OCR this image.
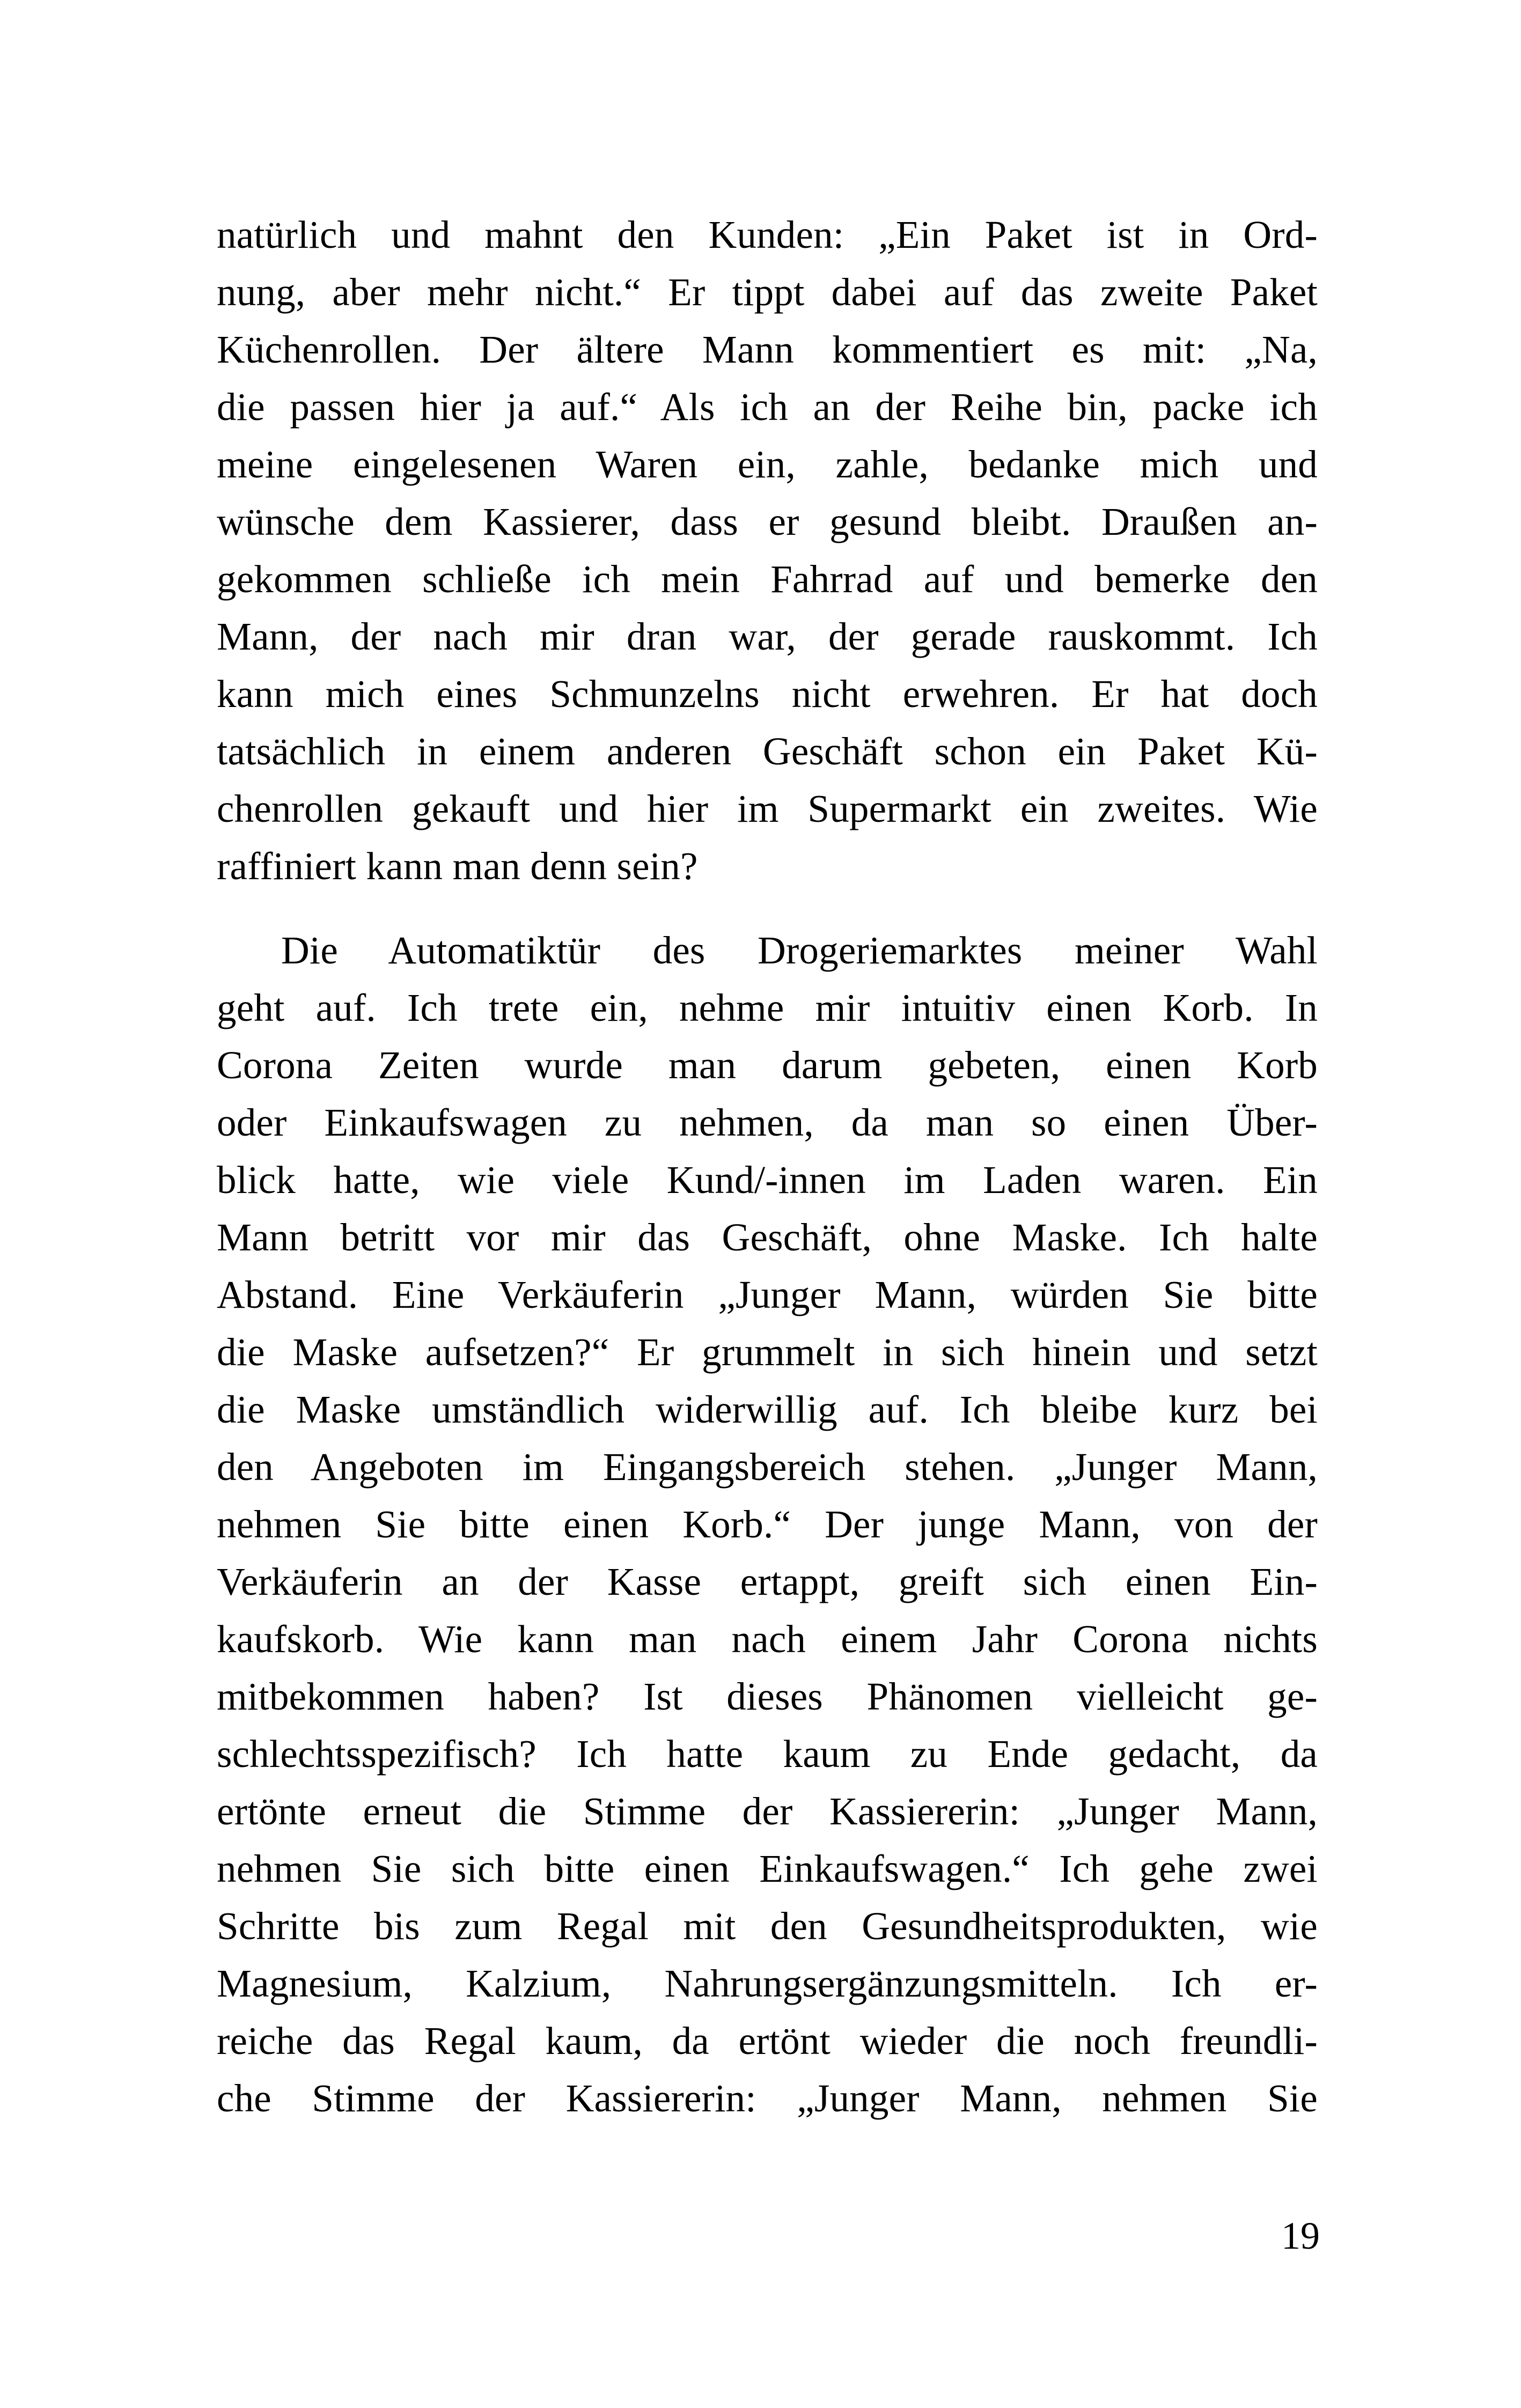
natürlich und mahnt den Kunden: „Ein Paket ist in Ord-
nung, aber mehr nicht.“ Er tippt dabei auf das zweite Paket
Küchenrollen. Der ältere Mann kommentiert es mit: „Na,
die passen hier ja auf.“ Als ich an der Reihe bin, packe ich
meine eingelesenen Waren ein, zahle, bedanke mich und
wünsche dem Kassierer, dass er gesund bleibt. Draußen an-
gekommen schließe ich mein Fahrrad auf und bemerke den
Mann, der nach mir dran war, der gerade rauskommt. Ich
kann mich eines Schmunzelns nicht erwehren. Er hat doch
tatsächlich in einem anderen Geschäft schon ein Paket Kü-
chenrollen gekauft und hier im Supermarkt ein zweites. Wie
raffiniert kann man denn sein?
Die Automatiktür des Drogeriemarktes meiner Wahl
geht auf. Ich trete ein, nehme mir intuitiv einen Korb. In
Corona Zeiten wurde man darum gebeten, einen Korb
oder Einkaufswagen zu nehmen, da man so einen Über-
blick hatte, wie viele Kund/-innen im Laden waren. Ein
Mann betritt vor mir das Geschäft, ohne Maske. Ich halte
Abstand. Eine Verkäuferin „Junger Mann, würden Sie bitte
die Maske aufsetzen?“ Er grummelt in sich hinein und setzt
die Maske umständlich widerwillig auf. Ich bleibe kurz bei
den Angeboten im Eingangsbereich stehen. „Junger Mann,
nehmen Sie bitte einen Korb.“ Der junge Mann, von der
Verkäuferin an der Kasse ertappt, greift sich einen Ein-
kaufskorb. Wie kann man nach einem Jahr Corona nichts
mitbekommen haben? Ist dieses Phänomen vielleicht ge-
schlechtsspezifisch? Ich hatte kaum zu Ende gedacht, da
ertönte erneut die Stimme der Kassiererin: „Junger Mann,
nehmen Sie sich bitte einen Einkaufswagen.“ Ich gehe zwei
Schritte bis zum Regal mit den Gesundheitsprodukten, wie
Magnesium, Kalzium, Nahrungsergänzungsmitteln. Ich er-
reiche das Regal kaum, da ertönt wieder die noch freundli-
che Stimme der Kassiererin: „Junger Mann, nehmen Sie
19
